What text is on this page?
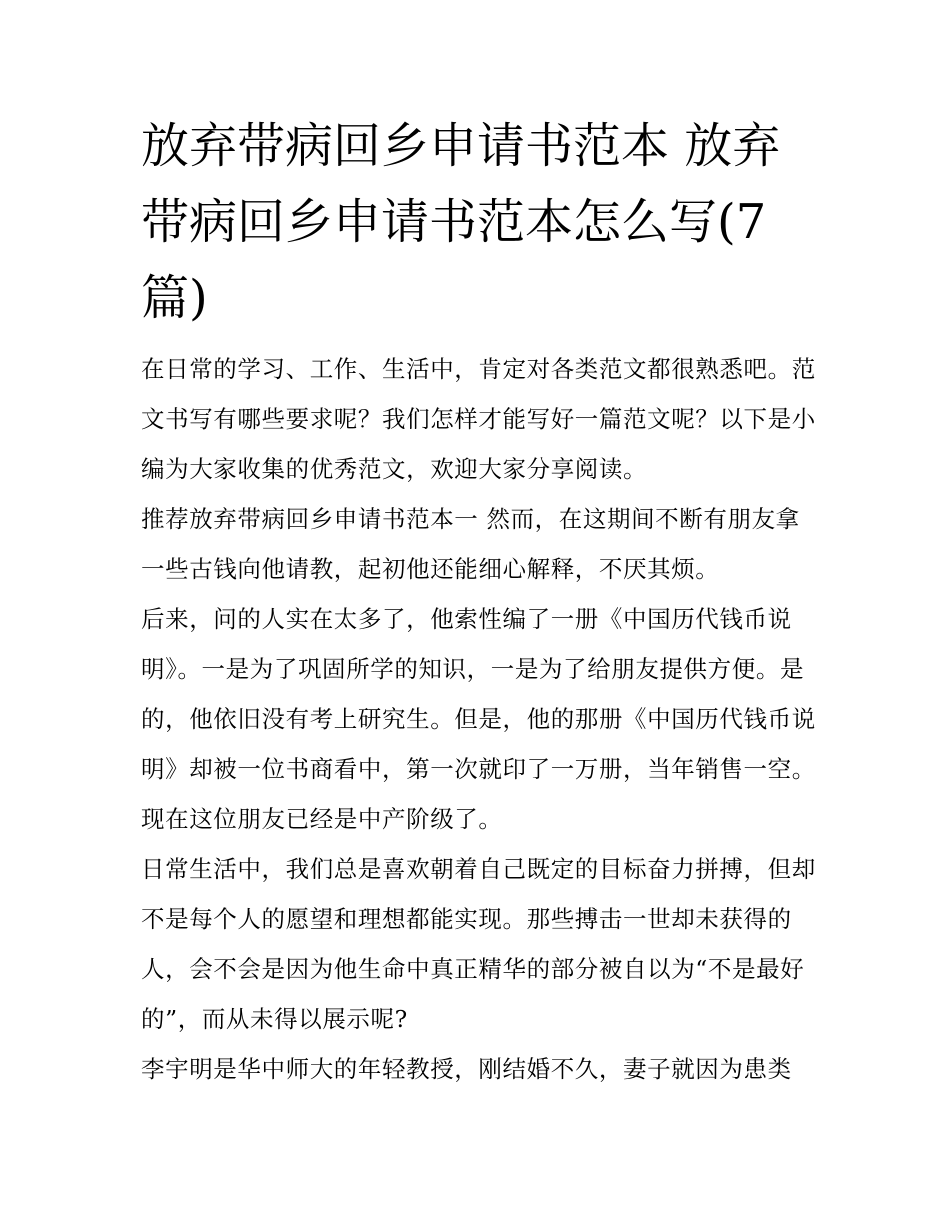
放弃带病回乡申请书范本 放弃带病回乡申请书范本怎么写(7篇)

在日常的学习、工作、生活中，肯定对各类范文都很熟悉吧。范文书写有哪些要求呢？我们怎样才能写好一篇范文呢？以下是小编为大家收集的优秀范文，欢迎大家分享阅读。

推荐放弃带病回乡申请书范本一 然而，在这期间不断有朋友拿一些古钱向他请教，起初他还能细心解释，不厌其烦。

后来，问的人实在太多了，他索性编了一册《中国历代钱币说明》。一是为了巩固所学的知识，一是为了给朋友提供方便。是的，他依旧没有考上研究生。但是，他的那册《中国历代钱币说明》却被一位书商看中，第一次就印了一万册，当年销售一空。现在这位朋友已经是中产阶级了。

日常生活中，我们总是喜欢朝着自己既定的目标奋力拼搏，但却不是每个人的愿望和理想都能实现。那些搏击一世却未获得的人，会不会是因为他生命中真正精华的部分被自以为“不是最好的”，而从未得以展示呢?

李宇明是华中师大的年轻教授，刚结婚不久，妻子就因为患类
